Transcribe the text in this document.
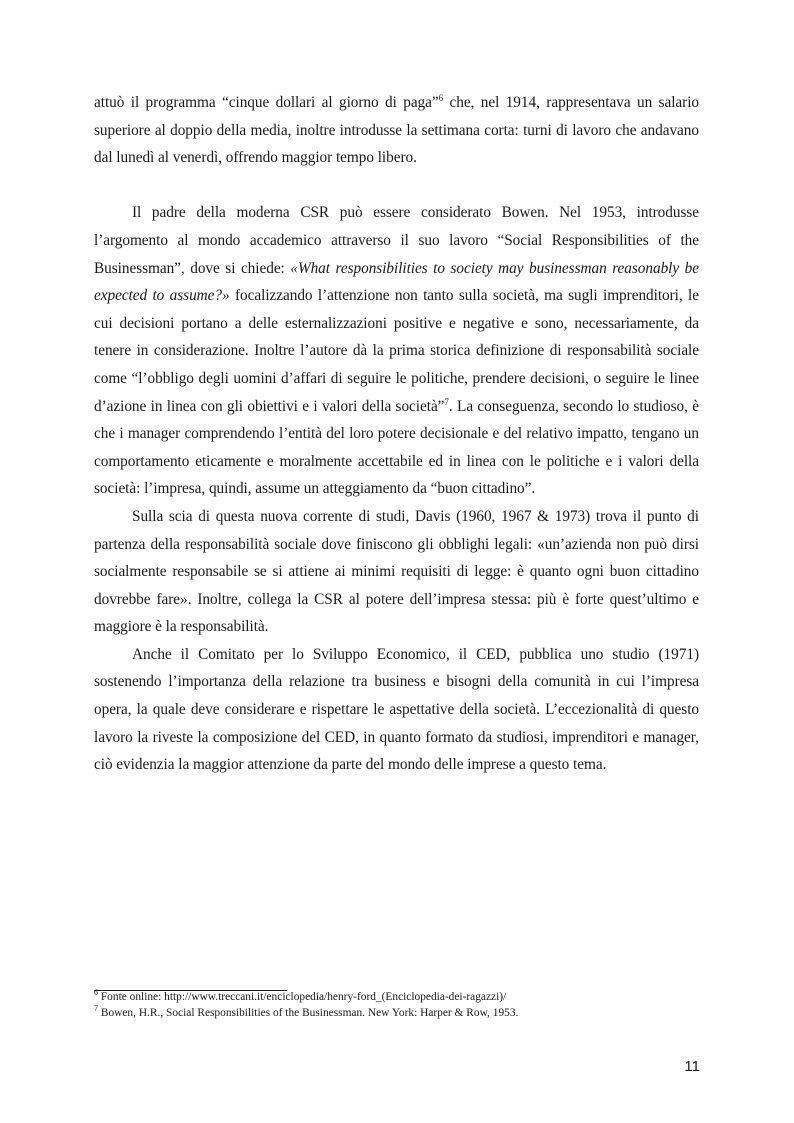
attuò il programma “cinque dollari al giorno di paga”$^6$ che, nel 1914, rappresentava un salario superiore al doppio della media, inoltre introdusse la settimana corta: turni di lavoro che andavano dal lunedì al venerdì, offrendo maggior tempo libero.

Il padre della moderna CSR può essere considerato Bowen. Nel 1953, introdusse l’argomento al mondo accademico attraverso il suo lavoro “Social Responsibilities of the Businessman”, dove si chiede: «What responsibilities to society may businessman reasonably be expected to assume?» focalizzando l’attenzione non tanto sulla società, ma sugli imprenditori, le cui decisioni portano a delle esternalizzazioni positive e negative e sono, necessariamente, da tenere in considerazione. Inoltre l’autore dà la prima storica definizione di responsabilità sociale come “l’obbligo degli uomini d’affari di seguire le politiche, prendere decisioni, o seguire le linee d’azione in linea con gli obiettivi e i valori della società”$^7$. La conseguenza, secondo lo studioso, è che i manager comprendendo l’entità del loro potere decisionale e del relativo impatto, tengano un comportamento eticamente e moralmente accettabile ed in linea con le politiche e i valori della società: l’impresa, quindi, assume un atteggiamento da “buon cittadino”.

Sulla scia di questa nuova corrente di studi, Davis (1960, 1967 & 1973) trova il punto di partenza della responsabilità sociale dove finiscono gli obblighi legali: «un’azienda non può dirsi socialmente responsabile se si attiene ai minimi requisiti di legge: è quanto ogni buon cittadino dovrebbe fare». Inoltre, collega la CSR al potere dell’impresa stessa: più è forte quest’ultimo e maggiore è la responsabilità.

Anche il Comitato per lo Sviluppo Economico, il CED, pubblica uno studio (1971) sostenendo l’importanza della relazione tra business e bisogni della comunità in cui l’impresa opera, la quale deve considerare e rispettare le aspettative della società. L’eccezionalità di questo lavoro la riveste la composizione del CED, in quanto formato da studiosi, imprenditori e manager, ciò evidenzia la maggior attenzione da parte del mondo delle imprese a questo tema.

$^6$ Fonte online: http://www.treccani.it/enciclopedia/henry-ford_(Enciclopedia-dei-ragazzi)/
$^7$ Bowen, H.R., Social Responsibilities of the Businessman. New York: Harper & Row, 1953.
11
